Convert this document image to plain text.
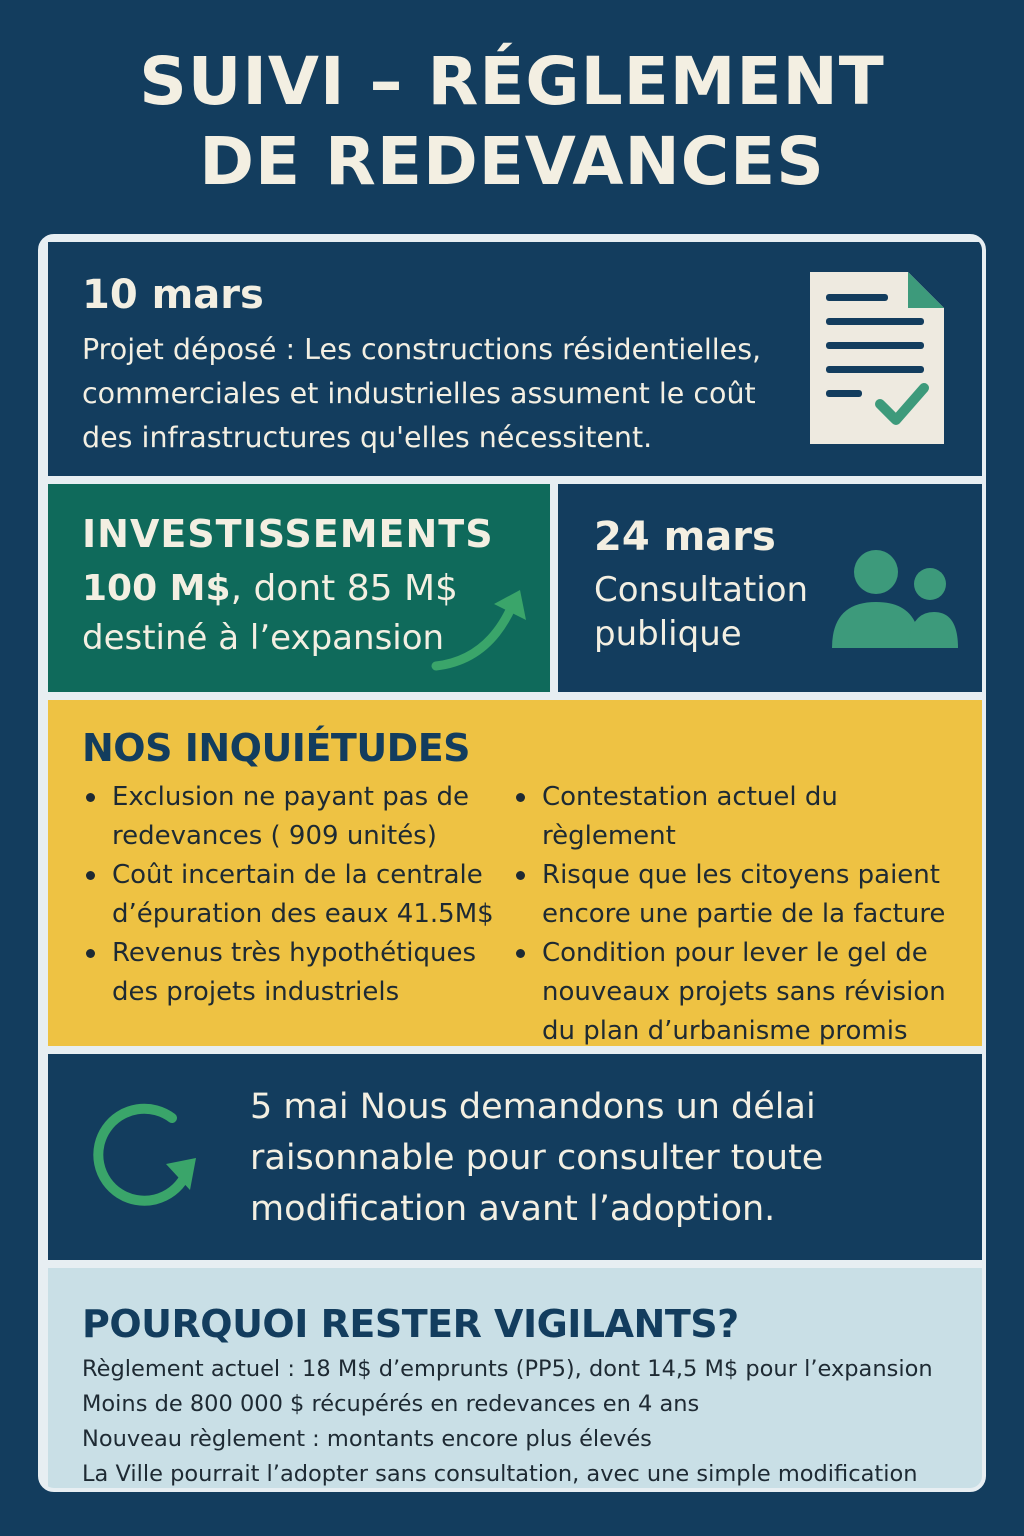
SUIVI – RÉGLEMENT
DE REDEVANCES
10 mars
Projet déposé : Les constructions résidentielles, commerciales et industrielles assument le coût des infrastructures qu'elles nécessitent.
INVESTISSEMENTS
100 M$, dont 85 M$
destiné à l’expansion
24 mars
Consultation
publique
NOS INQUIÉTUDES
Exclusion ne payant pas de redevances ( 909 unités)
Coût incertain de la centrale d’épuration des eaux 41.5M$
Revenus très hypothétiques des projets industriels
Contestation actuel du règlement
Risque que les citoyens paient encore une partie de la facture
Condition pour lever le gel de nouveaux projets sans révision du plan d’urbanisme promis
5 mai Nous demandons un délai raisonnable pour consulter toute modification avant l’adoption.
POURQUOI RESTER VIGILANTS?
Règlement actuel : 18 M$ d’emprunts (PP5), dont 14,5 M$ pour l’expansion
Moins de 800 000 $ récupérés en redevances en 4 ans
Nouveau règlement : montants encore plus élevés
La Ville pourrait l’adopter sans consultation, avec une simple modification
